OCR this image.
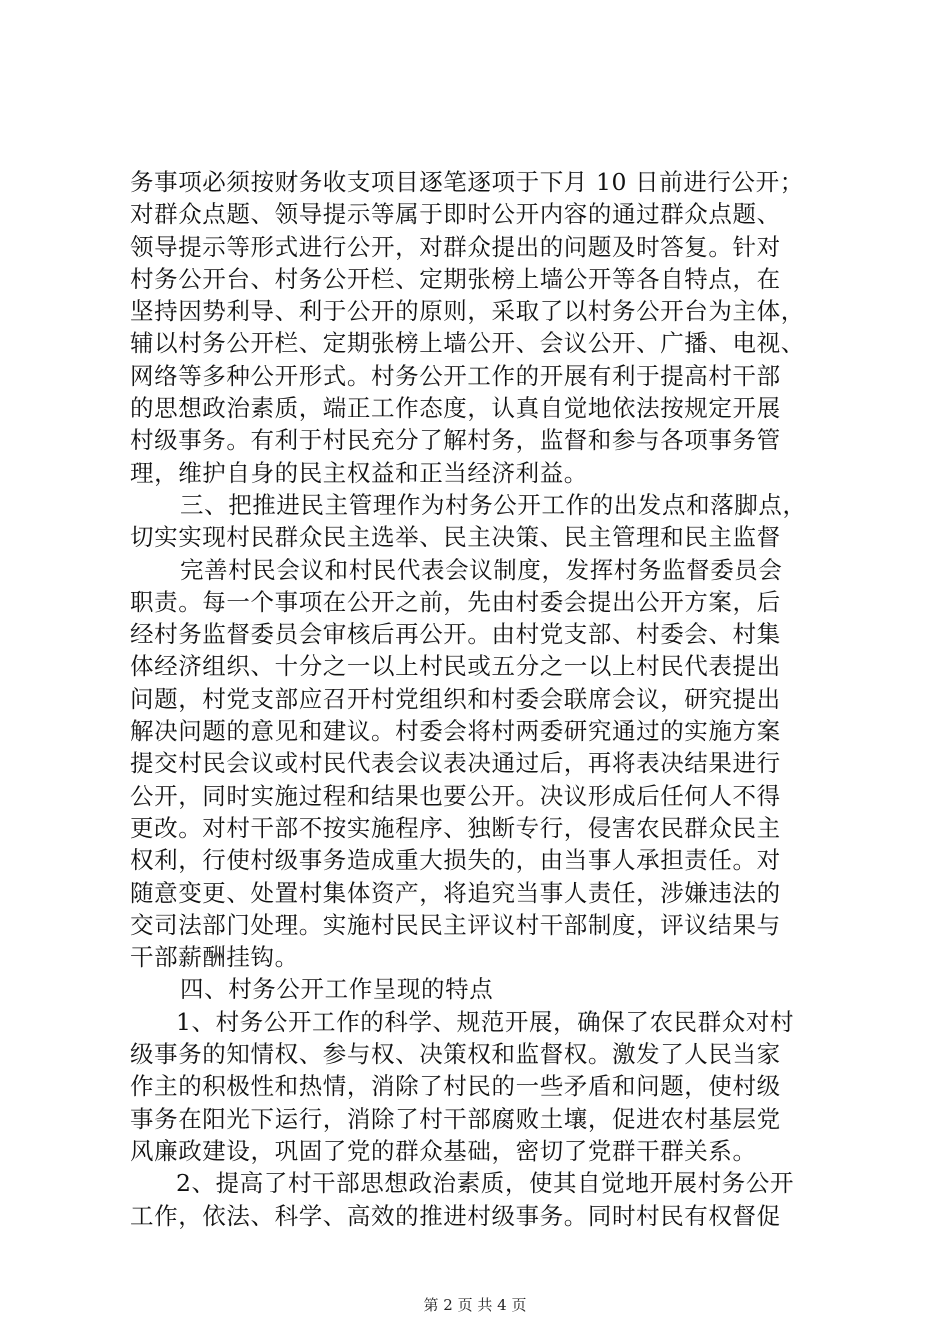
务事项必须按财务收支项目逐笔逐项于下月 10 日前进行公开；
对群众点题、领导提示等属于即时公开内容的通过群众点题、
领导提示等形式进行公开，对群众提出的问题及时答复。针对
村务公开台、村务公开栏、定期张榜上墙公开等各自特点，在
坚持因势利导、利于公开的原则，采取了以村务公开台为主体，
辅以村务公开栏、定期张榜上墙公开、会议公开、广播、电视、
网络等多种公开形式。村务公开工作的开展有利于提高村干部
的思想政治素质，端正工作态度，认真自觉地依法按规定开展
村级事务。有利于村民充分了解村务，监督和参与各项事务管
理，维护自身的民主权益和正当经济利益。
三、把推进民主管理作为村务公开工作的出发点和落脚点，
切实实现村民群众民主选举、民主决策、民主管理和民主监督
完善村民会议和村民代表会议制度，发挥村务监督委员会
职责。每一个事项在公开之前，先由村委会提出公开方案，后
经村务监督委员会审核后再公开。由村党支部、村委会、村集
体经济组织、十分之一以上村民或五分之一以上村民代表提出
问题，村党支部应召开村党组织和村委会联席会议，研究提出
解决问题的意见和建议。村委会将村两委研究通过的实施方案
提交村民会议或村民代表会议表决通过后，再将表决结果进行
公开，同时实施过程和结果也要公开。决议形成后任何人不得
更改。对村干部不按实施程序、独断专行，侵害农民群众民主
权利，行使村级事务造成重大损失的，由当事人承担责任。对
随意变更、处置村集体资产，将追究当事人责任，涉嫌违法的
交司法部门处理。实施村民民主评议村干部制度，评议结果与
干部薪酬挂钩。
四、村务公开工作呈现的特点
1、村务公开工作的科学、规范开展，确保了农民群众对村
级事务的知情权、参与权、决策权和监督权。激发了人民当家
作主的积极性和热情，消除了村民的一些矛盾和问题，使村级
事务在阳光下运行，消除了村干部腐败土壤，促进农村基层党
风廉政建设，巩固了党的群众基础，密切了党群干群关系。
2、提高了村干部思想政治素质，使其自觉地开展村务公开
工作，依法、科学、高效的推进村级事务。同时村民有权督促
第 2 页 共 4 页
